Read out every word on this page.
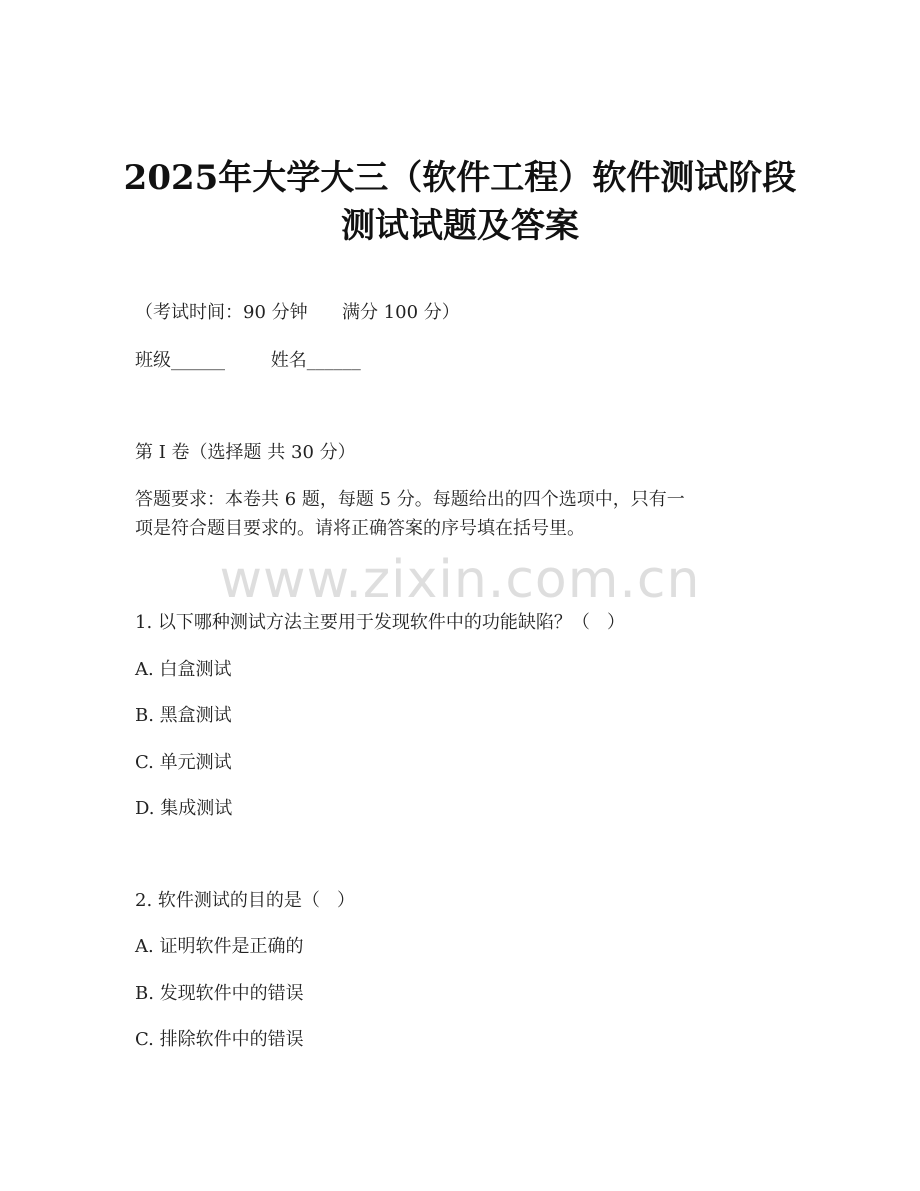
2025年大学大三（软件工程）软件测试阶段
测试试题及答案
（考试时间：90 分钟      满分 100 分）
班级______        姓名______
第 I 卷（选择题 共 30 分）
答题要求：本卷共 6 题，每题 5 分。每题给出的四个选项中，只有一
项是符合题目要求的。请将正确答案的序号填在括号里。
www.zixin.com.cn
1. 以下哪种测试方法主要用于发现软件中的功能缺陷？（   ）
A. 白盒测试
B. 黑盒测试
C. 单元测试
D. 集成测试
2. 软件测试的目的是（   ）
A. 证明软件是正确的
B. 发现软件中的错误
C. 排除软件中的错误
